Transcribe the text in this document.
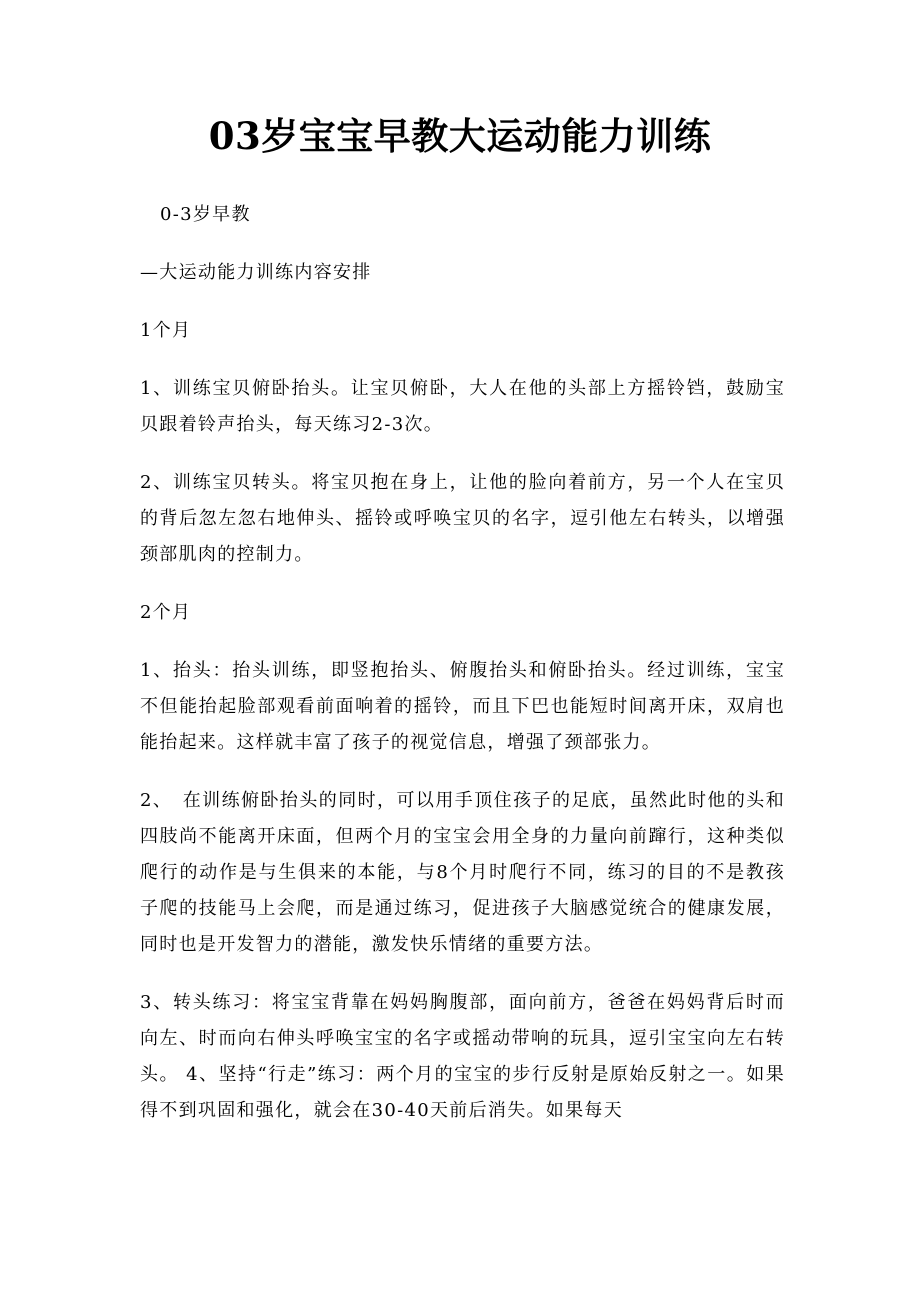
03岁宝宝早教大运动能力训练

0-3岁早教

—大运动能力训练内容安排

1个月

1、训练宝贝俯卧抬头。让宝贝俯卧，大人在他的头部上方摇铃铛，鼓励宝贝跟着铃声抬头，每天练习2-3次。

2、训练宝贝转头。将宝贝抱在身上，让他的脸向着前方，另一个人在宝贝的背后忽左忽右地伸头、摇铃或呼唤宝贝的名字，逗引他左右转头，以增强颈部肌肉的控制力。

2个月

1、抬头：抬头训练，即竖抱抬头、俯腹抬头和俯卧抬头。经过训练，宝宝不但能抬起脸部观看前面响着的摇铃，而且下巴也能短时间离开床，双肩也能抬起来。这样就丰富了孩子的视觉信息，增强了颈部张力。

2、　在训练俯卧抬头的同时，可以用手顶住孩子的足底，虽然此时他的头和四肢尚不能离开床面，但两个月的宝宝会用全身的力量向前蹿行，这种类似爬行的动作是与生俱来的本能，与8个月时爬行不同，练习的目的不是教孩子爬的技能马上会爬，而是通过练习，促进孩子大脑感觉统合的健康发展，同时也是开发智力的潜能，激发快乐情绪的重要方法。

3、转头练习：将宝宝背靠在妈妈胸腹部，面向前方，爸爸在妈妈背后时而向左、时而向右伸头呼唤宝宝的名字或摇动带响的玩具，逗引宝宝向左右转头。 4、坚持“行走”练习：两个月的宝宝的步行反射是原始反射之一。如果得不到巩固和强化，就会在30-40天前后消失。如果每天
